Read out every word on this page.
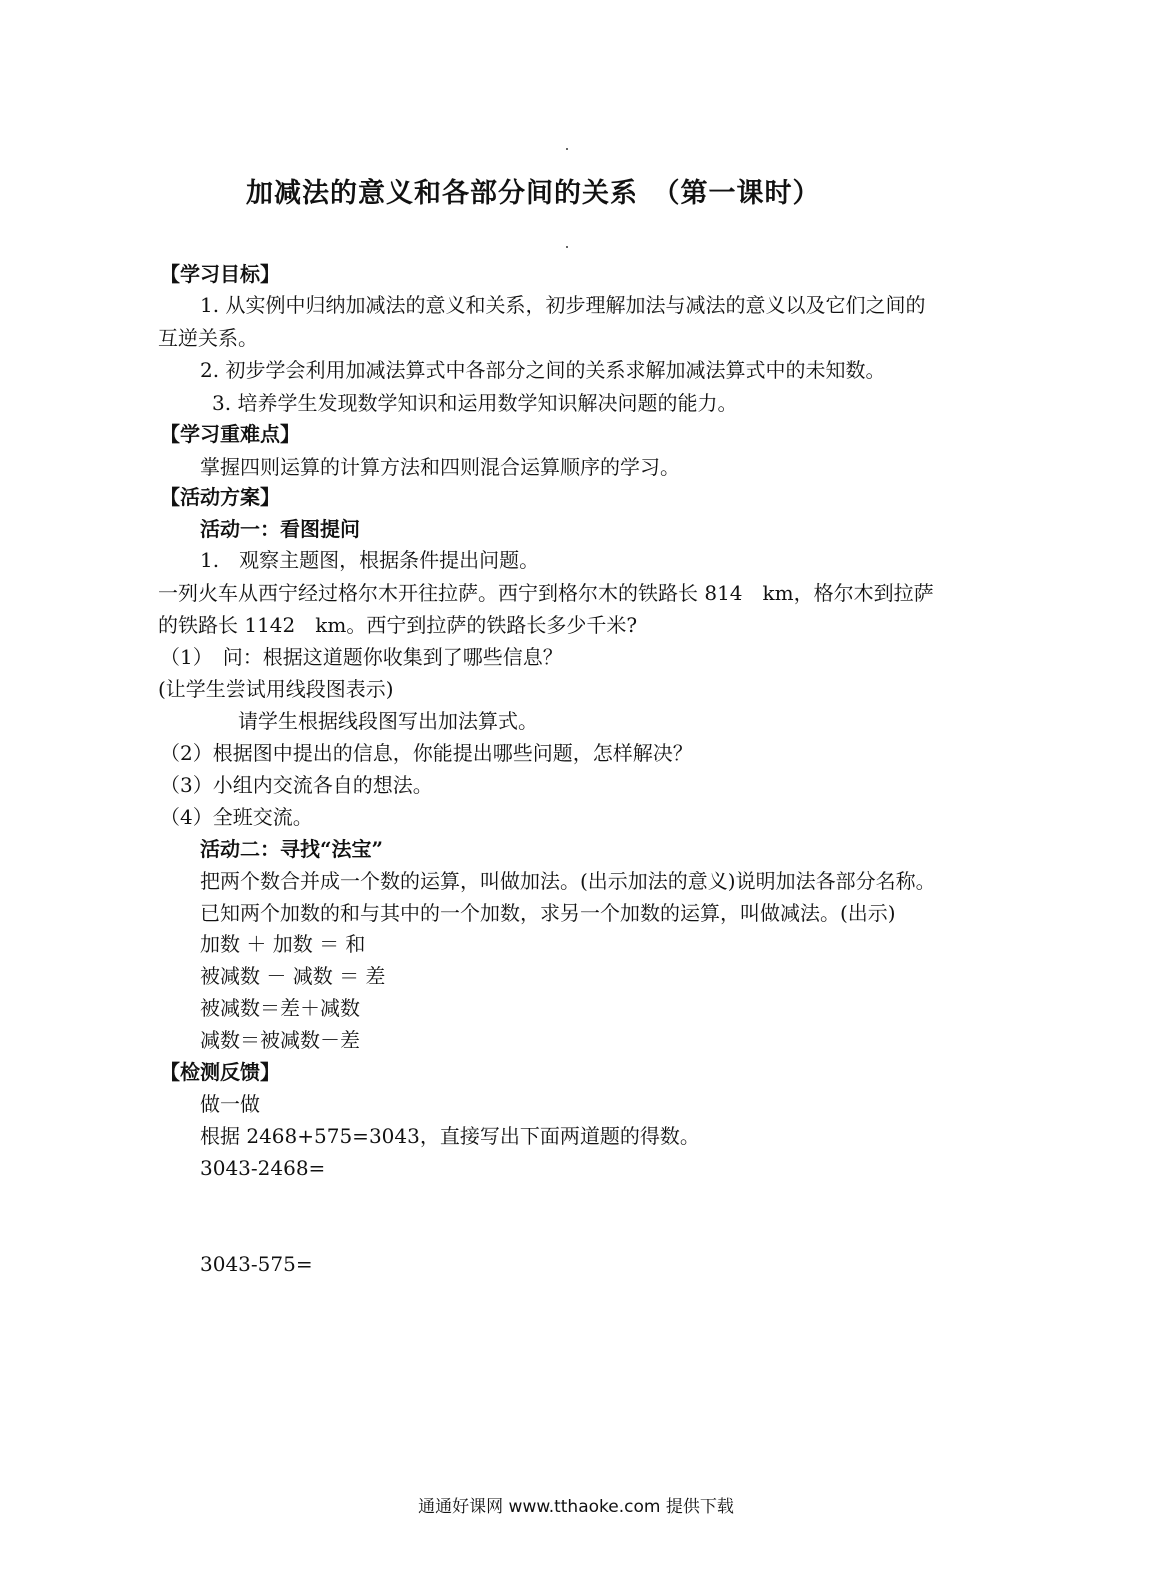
加减法的意义和各部分间的关系　（第一课时）
【学习目标】
1. 从实例中归纳加减法的意义和关系，初步理解加法与减法的意义以及它们之间的
互逆关系。
2. 初步学会利用加减法算式中各部分之间的关系求解加减法算式中的未知数。
3. 培养学生发现数学知识和运用数学知识解决问题的能力。
【学习重难点】
掌握四则运算的计算方法和四则混合运算顺序的学习。
【活动方案】
活动一：看图提问
1.　观察主题图，根据条件提出问题。
一列火车从西宁经过格尔木开往拉萨。西宁到格尔木的铁路长 814　km，格尔木到拉萨
的铁路长 1142　km。西宁到拉萨的铁路长多少千米?
（1）　问：根据这道题你收集到了哪些信息？
(让学生尝试用线段图表示)
请学生根据线段图写出加法算式。
（2）根据图中提出的信息，你能提出哪些问题，怎样解决？
（3）小组内交流各自的想法。
（4）全班交流。
活动二：寻找“法宝”
把两个数合并成一个数的运算，叫做加法。(出示加法的意义)说明加法各部分名称。
已知两个加数的和与其中的一个加数，求另一个加数的运算，叫做减法。(出示)
加数 ＋ 加数 ＝ 和
被减数 － 减数 ＝ 差
被减数＝差＋减数
减数＝被减数－差
【检测反馈】
做一做
根据 2468+575=3043，直接写出下面两道题的得数。
3043-2468=
3043-575=
通通好课网 www.tthaoke.com 提供下载
